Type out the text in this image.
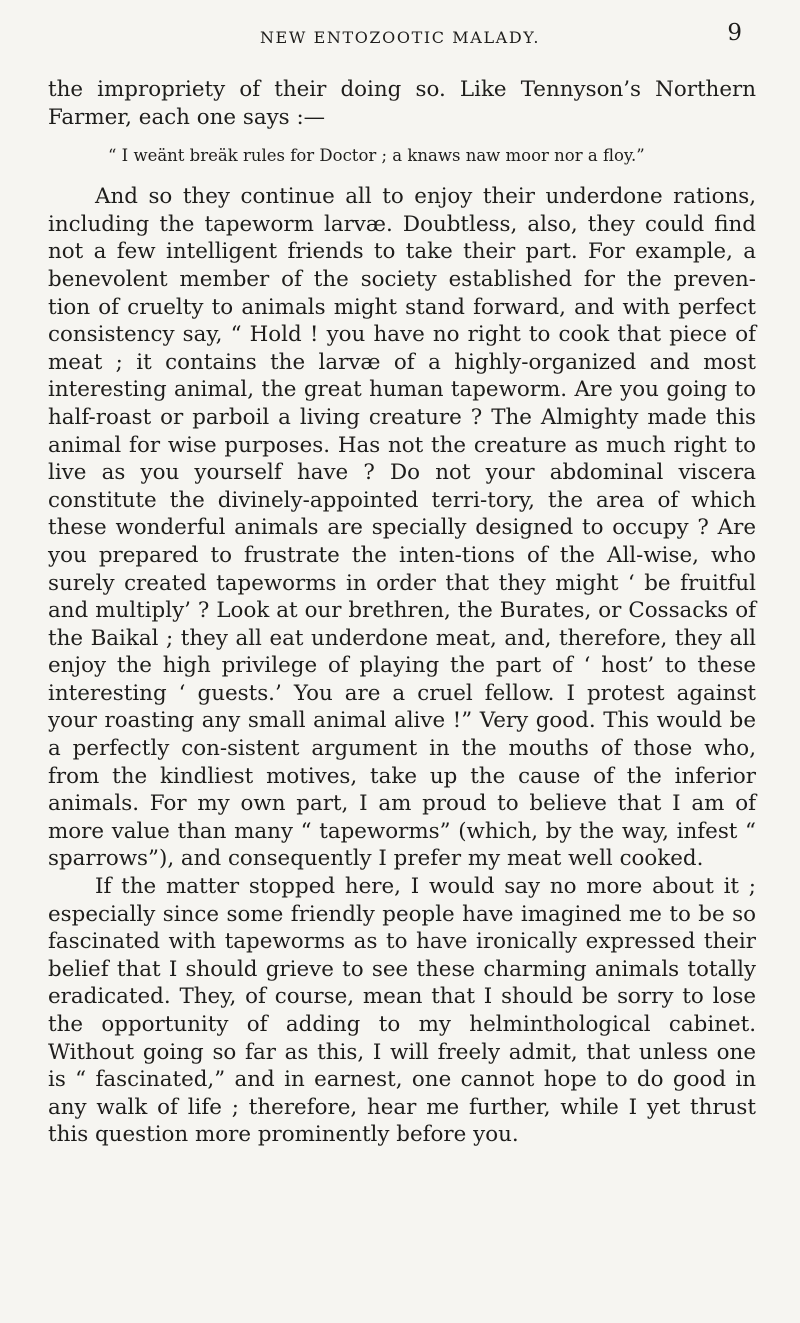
NEW ENTOZOOTIC MALADY.	9

the impropriety of their doing so. Like Tennyson’s Northern Farmer, each one says :—

“ I weänt breäk rules for Doctor ; a knaws naw moor nor a floy.”

And so they continue all to enjoy their underdone rations, including the tapeworm larvæ. Doubtless, also, they could find not a few intelligent friends to take their part. For example, a benevolent member of the society established for the preven-tion of cruelty to animals might stand forward, and with perfect consistency say, “ Hold ! you have no right to cook that piece of meat ; it contains the larvæ of a highly-organized and most interesting animal, the great human tapeworm. Are you going to half-roast or parboil a living creature ? The Almighty made this animal for wise purposes. Has not the creature as much right to live as you yourself have ? Do not your abdominal viscera constitute the divinely-appointed terri-tory, the area of which these wonderful animals are specially designed to occupy ? Are you prepared to frustrate the inten-tions of the All-wise, who surely created tapeworms in order that they might ‘ be fruitful and multiply’ ? Look at our brethren, the Burates, or Cossacks of the Baikal ; they all eat underdone meat, and, therefore, they all enjoy the high privilege of playing the part of ‘ host’ to these interesting ‘ guests.’ You are a cruel fellow. I protest against your roasting any small animal alive !” Very good. This would be a perfectly con-sistent argument in the mouths of those who, from the kindliest motives, take up the cause of the inferior animals. For my own part, I am proud to believe that I am of more value than many “ tapeworms” (which, by the way, infest “ sparrows”), and consequently I prefer my meat well cooked.

If the matter stopped here, I would say no more about it ; especially since some friendly people have imagined me to be so fascinated with tapeworms as to have ironically expressed their belief that I should grieve to see these charming animals totally eradicated. They, of course, mean that I should be sorry to lose the opportunity of adding to my helminthological cabinet. Without going so far as this, I will freely admit, that unless one is “ fascinated,” and in earnest, one cannot hope to do good in any walk of life ; therefore, hear me further, while I yet thrust this question more prominently before you.
